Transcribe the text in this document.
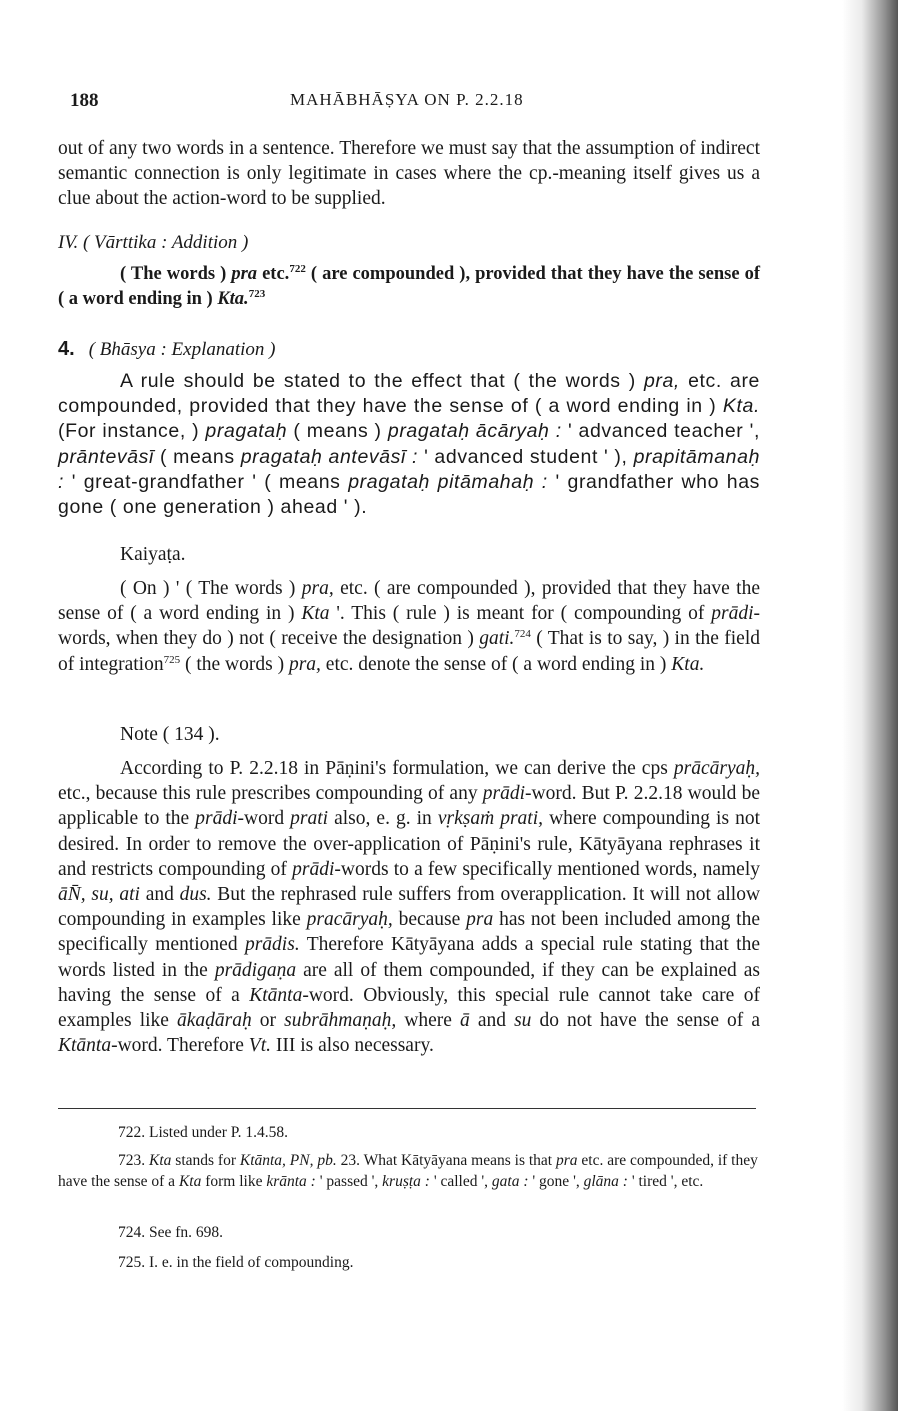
188	MAHĀBHĀṢYA ON P. 2.2.18

out of any two words in a sentence. Therefore we must say that the assumption of indirect semantic connection is only legitimate in cases where the cp.-meaning itself gives us a clue about the action-word to be supplied.

IV. ( Vārttika : Addition )

( The words ) pra etc.$^{722}$ ( are compounded ), provided that they have the sense of ( a word ending in ) Kta.$^{723}$

4. ( Bhāsya : Explanation )

A rule should be stated to the effect that ( the words ) pra, etc. are compounded, provided that they have the sense of ( a word ending in ) Kta. (For instance, ) pragataḥ ( means ) pragataḥ ācāryaḥ : ' advanced teacher ', prāntevāsī ( means pragataḥ antevāsī : ' advanced student ' ), prapitāmanaḥ : ' great-grandfather ' ( means pragataḥ pitāmahaḥ : ' grandfather who has gone ( one generation ) ahead ' ).

Kaiyaṭa.

( On ) ' ( The words ) pra, etc. ( are compounded ), provided that they have the sense of ( a word ending in ) Kta '. This ( rule ) is meant for ( compounding of prādi-words, when they do ) not ( receive the designation ) gati.$^{724}$ ( That is to say, ) in the field of integration$^{725}$ ( the words ) pra, etc. denote the sense of ( a word ending in ) Kta.

Note ( 134 ).

According to P. 2.2.18 in Pāṇini's formulation, we can derive the cps prācāryaḥ, etc., because this rule prescribes compounding of any prādi-word. But P. 2.2.18 would be applicable to the prādi-word prati also, e. g. in vṛkṣaṁ prati, where compounding is not desired. In order to remove the over-application of Pāṇini's rule, Kātyāyana rephrases it and restricts compounding of prādi-words to a few specifically mentioned words, namely āN̄, su, ati and dus. But the rephrased rule suffers from overapplication. It will not allow compounding in examples like pracāryaḥ, because pra has not been included among the specifically mentioned prādis. Therefore Kātyāyana adds a special rule stating that the words listed in the prādigaṇa are all of them compounded, if they can be explained as having the sense of a Ktānta-word. Obviously, this special rule cannot take care of examples like ākaḍāraḥ or subrāhmaṇaḥ, where ā and su do not have the sense of a Ktānta-word. Therefore Vt. III is also necessary.

722. Listed under P. 1.4.58.

723. Kta stands for Ktānta, PN, pb. 23. What Kātyāyana means is that pra etc. are compounded, if they have the sense of a Kta form like krānta : ' passed ', kruṣṭa : ' called ', gata : ' gone ', glāna : ' tired ', etc.

724. See fn. 698.

725. I. e. in the field of compounding.
